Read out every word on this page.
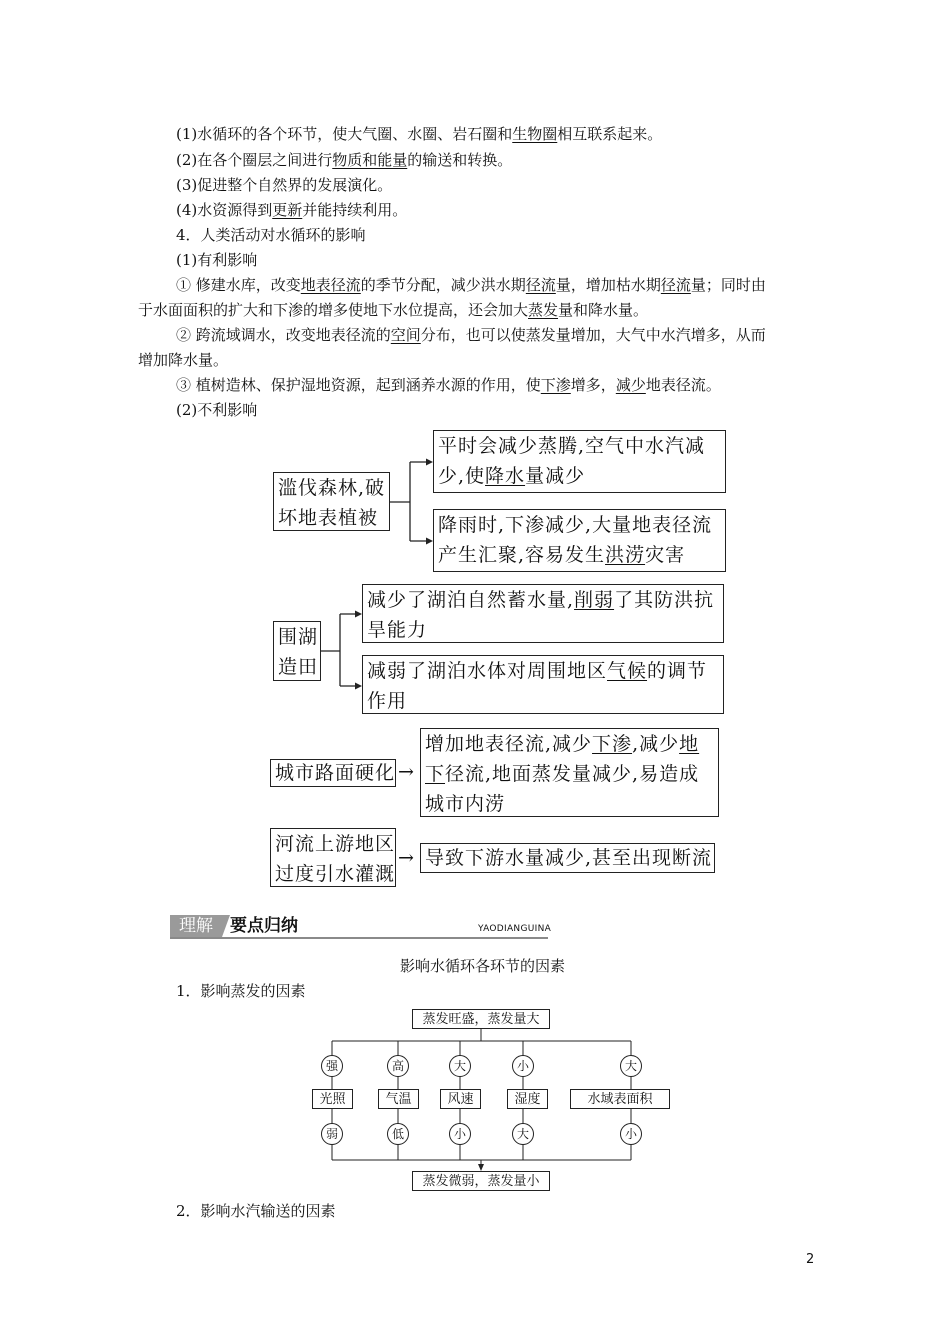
(1)水循环的各个环节，使大气圈、水圈、岩石圈和生物圈相互联系起来。
(2)在各个圈层之间进行物质和能量的输送和转换。
(3)促进整个自然界的发展演化。
(4)水资源得到更新并能持续利用。
4．人类活动对水循环的影响
(1)有利影响
① 修建水库，改变地表径流的季节分配，减少洪水期径流量，增加枯水期径流量；同时由
于水面面积的扩大和下渗的增多使地下水位提高，还会加大蒸发量和降水量。
② 跨流域调水，改变地表径流的空间分布，也可以使蒸发量增加，大气中水汽增多，从而
增加降水量。
③ 植树造林、保护湿地资源，起到涵养水源的作用，使下渗增多，减少地表径流。
(2)不利影响
滥伐森林,破
坏地表植被
平时会减少蒸腾,空气中水汽减
少,使降水量减少
降雨时,下渗减少,大量地表径流
产生汇聚,容易发生洪涝灾害
围湖
造田
减少了湖泊自然蓄水量,削弱了其防洪抗
旱能力
减弱了湖泊水体对周围地区气候的调节
作用
城市路面硬化 →
增加地表径流,减少下渗,减少地
下径流,地面蒸发量减少,易造成
城市内涝
河流上游地区
过度引水灌溉
→ 导致下游水量减少,甚至出现断流
理解	要点归纳	YAODIANGUINA
影响水循环各环节的因素
1．影响蒸发的因素
蒸发旺盛，蒸发量大
强	高	大	小	大
光照	气温	风速	湿度	水域表面积
弱	低	小	大	小
蒸发微弱，蒸发量小
2．影响水汽输送的因素
2
